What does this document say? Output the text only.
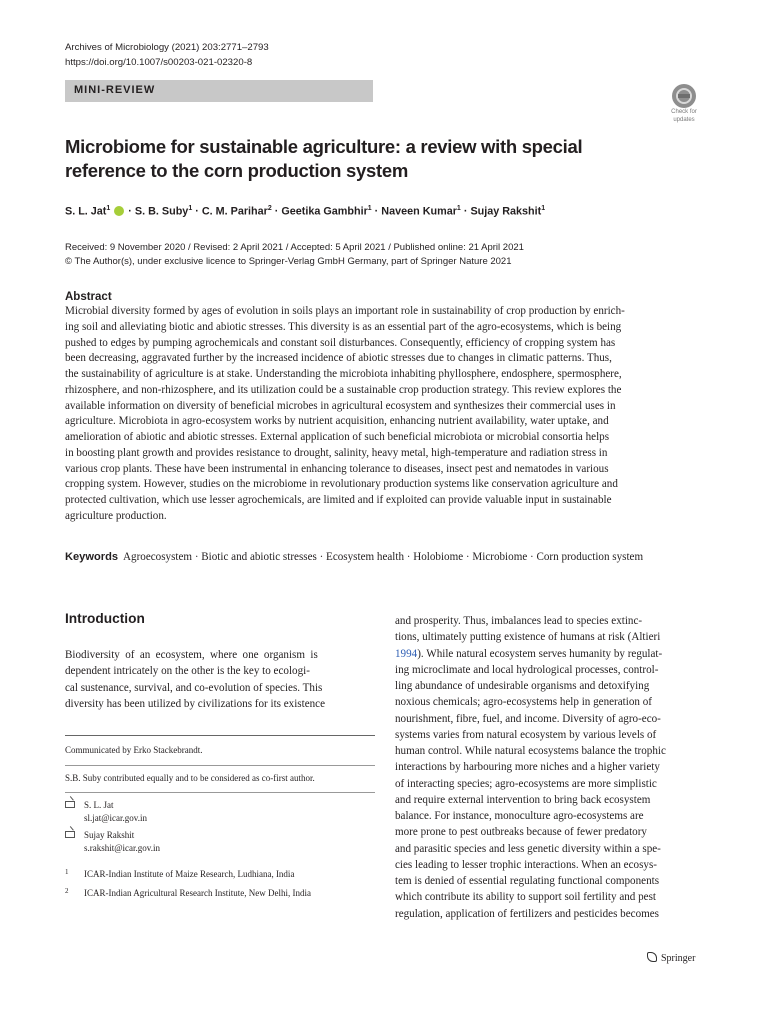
Archives of Microbiology (2021) 203:2771–2793
https://doi.org/10.1007/s00203-021-02320-8
MINI-REVIEW
Check for
updates
Microbiome for sustainable agriculture: a review with special reference to the corn production system
S. L. Jat$^1$  · S. B. Suby$^1$ · C. M. Parihar$^2$ · Geetika Gambhir$^1$ · Naveen Kumar$^1$ · Sujay Rakshit$^1$
Received: 9 November 2020 / Revised: 2 April 2021 / Accepted: 5 April 2021 / Published online: 21 April 2021
© The Author(s), under exclusive licence to Springer-Verlag GmbH Germany, part of Springer Nature 2021
Abstract
Microbial diversity formed by ages of evolution in soils plays an important role in sustainability of crop production by enrich-
ing soil and alleviating biotic and abiotic stresses. This diversity is as an essential part of the agro-ecosystems, which is being
pushed to edges by pumping agrochemicals and constant soil disturbances. Consequently, efficiency of cropping system has
been decreasing, aggravated further by the increased incidence of abiotic stresses due to changes in climatic patterns. Thus,
the sustainability of agriculture is at stake. Understanding the microbiota inhabiting phyllosphere, endosphere, spermosphere,
rhizosphere, and non-rhizosphere, and its utilization could be a sustainable crop production strategy. This review explores the
available information on diversity of beneficial microbes in agricultural ecosystem and synthesizes their commercial uses in
agriculture. Microbiota in agro-ecosystem works by nutrient acquisition, enhancing nutrient availability, water uptake, and
amelioration of abiotic and abiotic stresses. External application of such beneficial microbiota or microbial consortia helps
in boosting plant growth and provides resistance to drought, salinity, heavy metal, high-temperature and radiation stress in
various crop plants. These have been instrumental in enhancing tolerance to diseases, insect pest and nematodes in various
cropping system. However, studies on the microbiome in revolutionary production systems like conservation agriculture and
protected cultivation, which use lesser agrochemicals, are limited and if exploited can provide valuable input in sustainable
agriculture production.
Keywords Agroecosystem · Biotic and abiotic stresses · Ecosystem health · Holobiome · Microbiome · Corn production system
Introduction
Biodiversity of an ecosystem, where one organism is
dependent intricately on the other is the key to ecologi-
cal sustenance, survival, and co-evolution of species. This
diversity has been utilized by civilizations for its existence
Communicated by Erko Stackebrandt.
S.B. Suby contributed equally and to be considered as co-first author.
S. L. Jat
sl.jat@icar.gov.in
Sujay Rakshit
s.rakshit@icar.gov.in
1 ICAR-Indian Institute of Maize Research, Ludhiana, India
2 ICAR-Indian Agricultural Research Institute, New Delhi, India
and prosperity. Thus, imbalances lead to species extinc-
tions, ultimately putting existence of humans at risk (Altieri
1994). While natural ecosystem serves humanity by regulat-
ing microclimate and local hydrological processes, control-
ling abundance of undesirable organisms and detoxifying
noxious chemicals; agro-ecosystems help in generation of
nourishment, fibre, fuel, and income. Diversity of agro-eco-
systems varies from natural ecosystem by various levels of
human control. While natural ecosystems balance the trophic
interactions by harbouring more niches and a higher variety
of interacting species; agro-ecosystems are more simplistic
and require external intervention to bring back ecosystem
balance. For instance, monoculture agro-ecosystems are
more prone to pest outbreaks because of fewer predatory
and parasitic species and less genetic diversity within a spe-
cies leading to lesser trophic interactions. When an ecosys-
tem is denied of essential regulating functional components
which contribute its ability to support soil fertility and pest
regulation, application of fertilizers and pesticides becomes
Springer
